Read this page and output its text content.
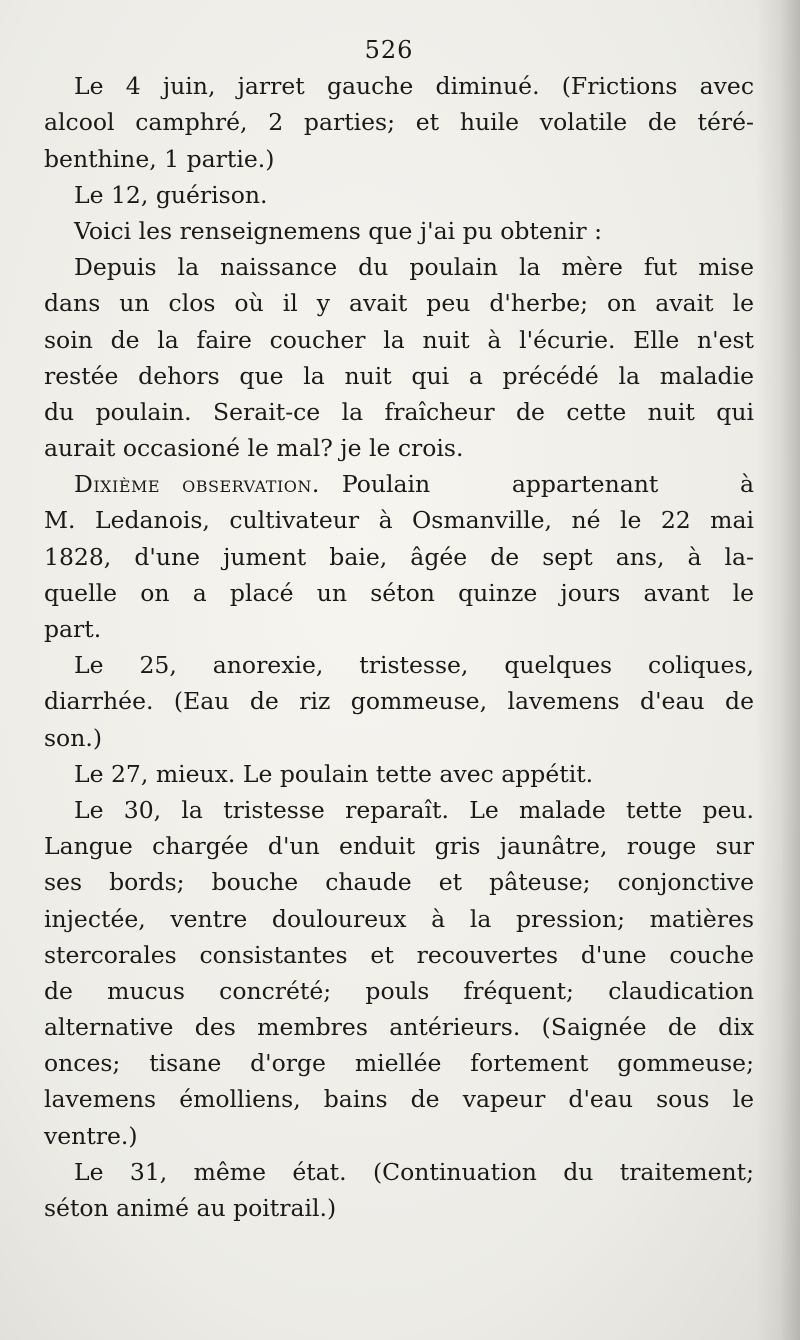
526
Le 4 juin, jarret gauche diminué. (Frictions avec
alcool camphré, 2 parties; et huile volatile de téré-
benthine, 1 partie.)
Le 12, guérison.
Voici les renseignemens que j'ai pu obtenir :
Depuis la naissance du poulain la mère fut mise
dans un clos où il y avait peu d'herbe; on avait le
soin de la faire coucher la nuit à l'écurie. Elle n'est
restée dehors que la nuit qui a précédé la maladie
du poulain. Serait-ce la fraîcheur de cette nuit qui
aurait occasioné le mal? je le crois.
Dixième observation. Poulain appartenant à
M. Ledanois, cultivateur à Osmanville, né le 22 mai
1828, d'une jument baie, âgée de sept ans, à la-
quelle on a placé un séton quinze jours avant le
part.
Le 25, anorexie, tristesse, quelques coliques,
diarrhée. (Eau de riz gommeuse, lavemens d'eau de
son.)
Le 27, mieux. Le poulain tette avec appétit.
Le 30, la tristesse reparaît. Le malade tette peu.
Langue chargée d'un enduit gris jaunâtre, rouge sur
ses bords; bouche chaude et pâteuse; conjonctive
injectée, ventre douloureux à la pression; matières
stercorales consistantes et recouvertes d'une couche
de mucus concrété; pouls fréquent; claudication
alternative des membres antérieurs. (Saignée de dix
onces; tisane d'orge miellée fortement gommeuse;
lavemens émolliens, bains de vapeur d'eau sous le
ventre.)
Le 31, même état. (Continuation du traitement;
séton animé au poitrail.)
